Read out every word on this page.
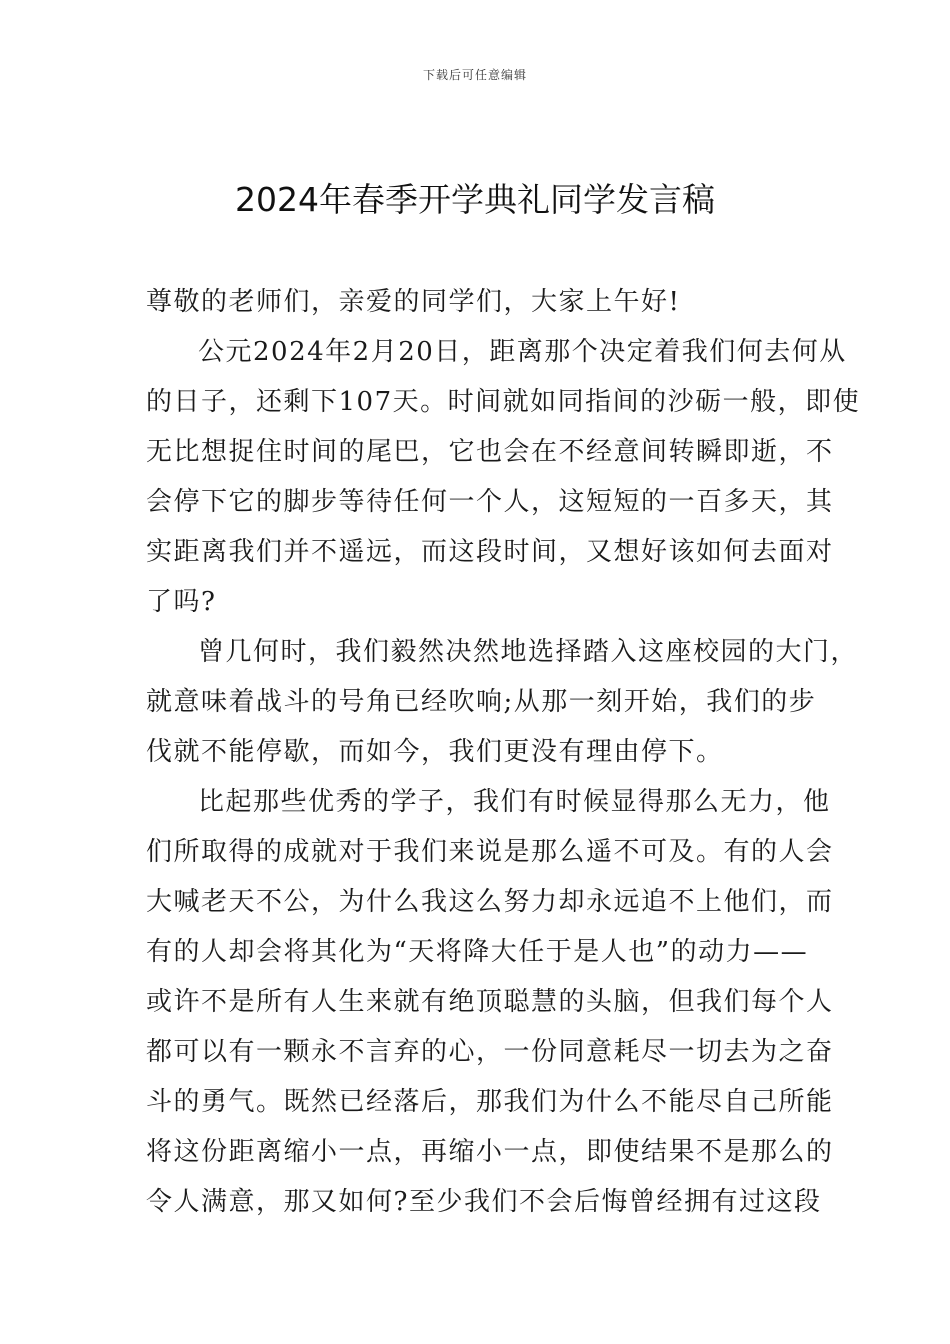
下载后可任意编辑
2024年春季开学典礼同学发言稿
尊敬的老师们，亲爱的同学们，大家上午好!
公元2024年2月20日，距离那个决定着我们何去何从
的日子，还剩下107天。时间就如同指间的沙砺一般，即使
无比想捉住时间的尾巴，它也会在不经意间转瞬即逝，不
会停下它的脚步等待任何一个人，这短短的一百多天，其
实距离我们并不遥远，而这段时间，又想好该如何去面对
了吗?
曾几何时，我们毅然决然地选择踏入这座校园的大门，
就意味着战斗的号角已经吹响;从那一刻开始，我们的步
伐就不能停歇，而如今，我们更没有理由停下。
比起那些优秀的学子，我们有时候显得那么无力，他
们所取得的成就对于我们来说是那么遥不可及。有的人会
大喊老天不公，为什么我这么努力却永远追不上他们，而
有的人却会将其化为“天将降大任于是人也”的动力——
或许不是所有人生来就有绝顶聪慧的头脑，但我们每个人
都可以有一颗永不言弃的心，一份同意耗尽一切去为之奋
斗的勇气。既然已经落后，那我们为什么不能尽自己所能
将这份距离缩小一点，再缩小一点，即使结果不是那么的
令人满意，那又如何?至少我们不会后悔曾经拥有过这段
